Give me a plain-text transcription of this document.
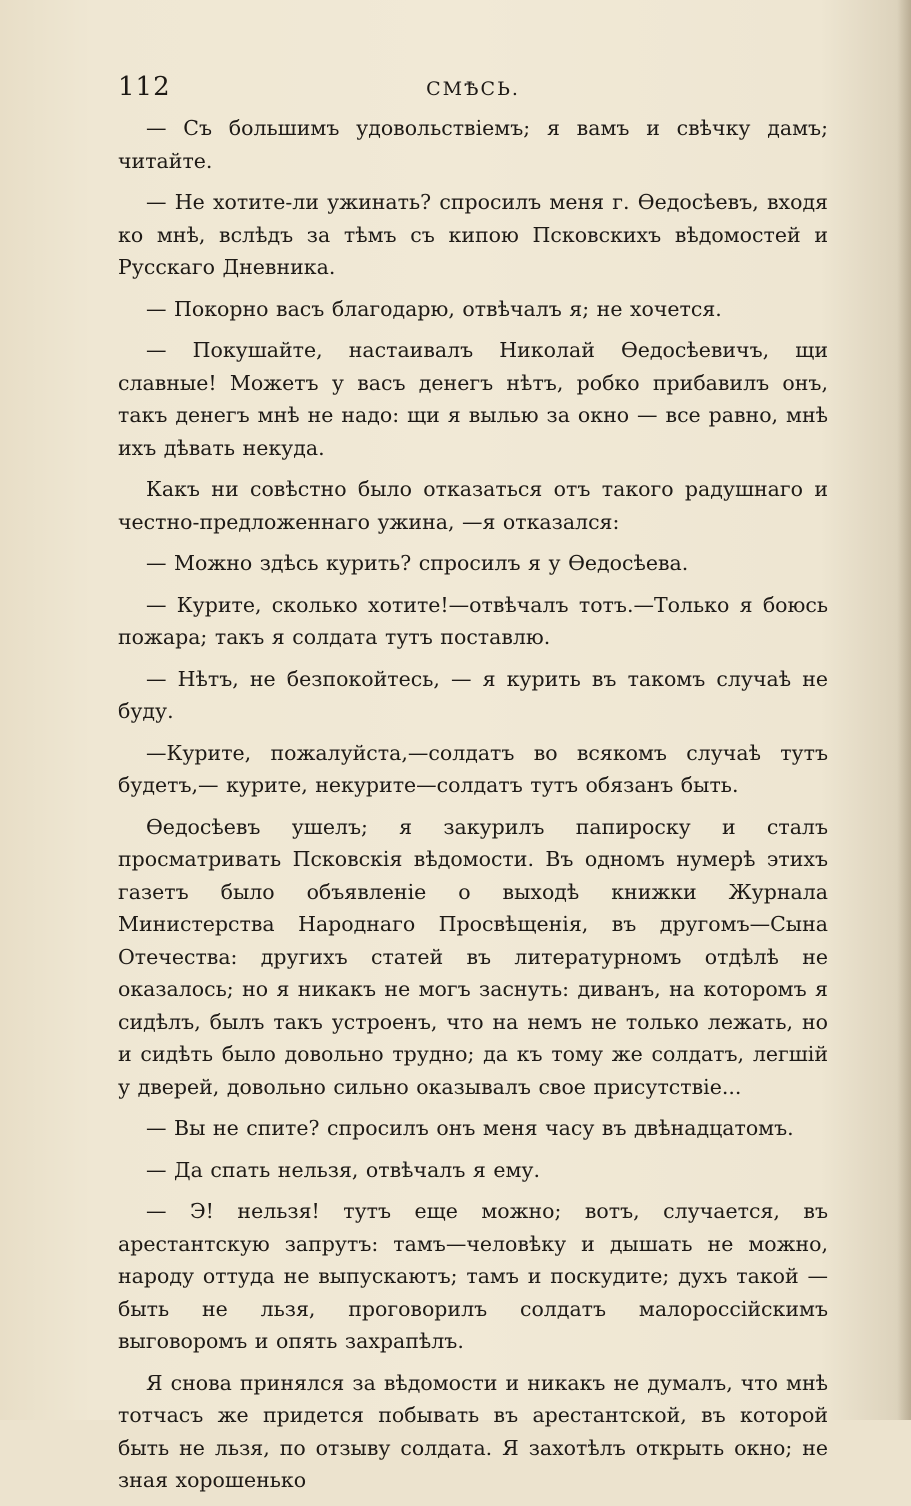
112	СМѢСЬ.

— Съ большимъ удовольствіемъ; я вамъ и свѣчку дамъ; читайте.

— Не хотите-ли ужинать? спросилъ меня г. Ѳедосѣевъ, входя ко мнѣ, вслѣдъ за тѣмъ съ кипою Псковскихъ вѣдомостей и Русскаго Дневника.

— Покорно васъ благодарю, отвѣчалъ я; не хочется.

— Покушайте, настаивалъ Николай Ѳедосѣевичъ, щи славные! Можетъ у васъ денегъ нѣтъ, робко прибавилъ онъ, такъ денегъ мнѣ не надо: щи я вылью за окно — все равно, мнѣ ихъ дѣвать некуда.

Какъ ни совѣстно было отказаться отъ такого радушнаго и честно-предложеннаго ужина, —я отказался:

— Можно здѣсь курить? спросилъ я у Ѳедосѣева.

— Курите, сколько хотите!—отвѣчалъ тотъ.—Только я боюсь пожара; такъ я солдата тутъ поставлю.

— Нѣтъ, не безпокойтесь, — я курить въ такомъ случаѣ не буду.

—Курите, пожалуйста,—солдатъ во всякомъ случаѣ тутъ будетъ,— курите, некурите—солдатъ тутъ обязанъ быть.

Ѳедосѣевъ ушелъ; я закурилъ папироску и сталъ просматривать Псковскія вѣдомости. Въ одномъ нумерѣ этихъ газетъ было объявленіе о выходѣ книжки Журнала Министерства Народнаго Просвѣщенія, въ другомъ—Сына Отечества: другихъ статей въ литературномъ отдѣлѣ не оказалось; но я никакъ не могъ заснуть: диванъ, на которомъ я сидѣлъ, былъ такъ устроенъ, что на немъ не только лежать, но и сидѣть было довольно трудно; да къ тому же солдатъ, легшій у дверей, довольно сильно оказывалъ свое присутствіе...

— Вы не спите? спросилъ онъ меня часу въ двѣнадцатомъ.

— Да спать нельзя, отвѣчалъ я ему.

— Э! нельзя! тутъ еще можно; вотъ, случается, въ арестантскую запрутъ: тамъ—человѣку и дышать не можно, народу оттуда не выпускаютъ; тамъ и поскудите; духъ такой — быть не льзя, проговорилъ солдатъ малороссійскимъ выговоромъ и опять захрапѣлъ.

Я снова принялся за вѣдомости и никакъ не думалъ, что мнѣ тотчасъ же придется побывать въ арестантской, въ которой быть не льзя, по отзыву солдата. Я захотѣлъ открыть окно; не зная хорошенько
